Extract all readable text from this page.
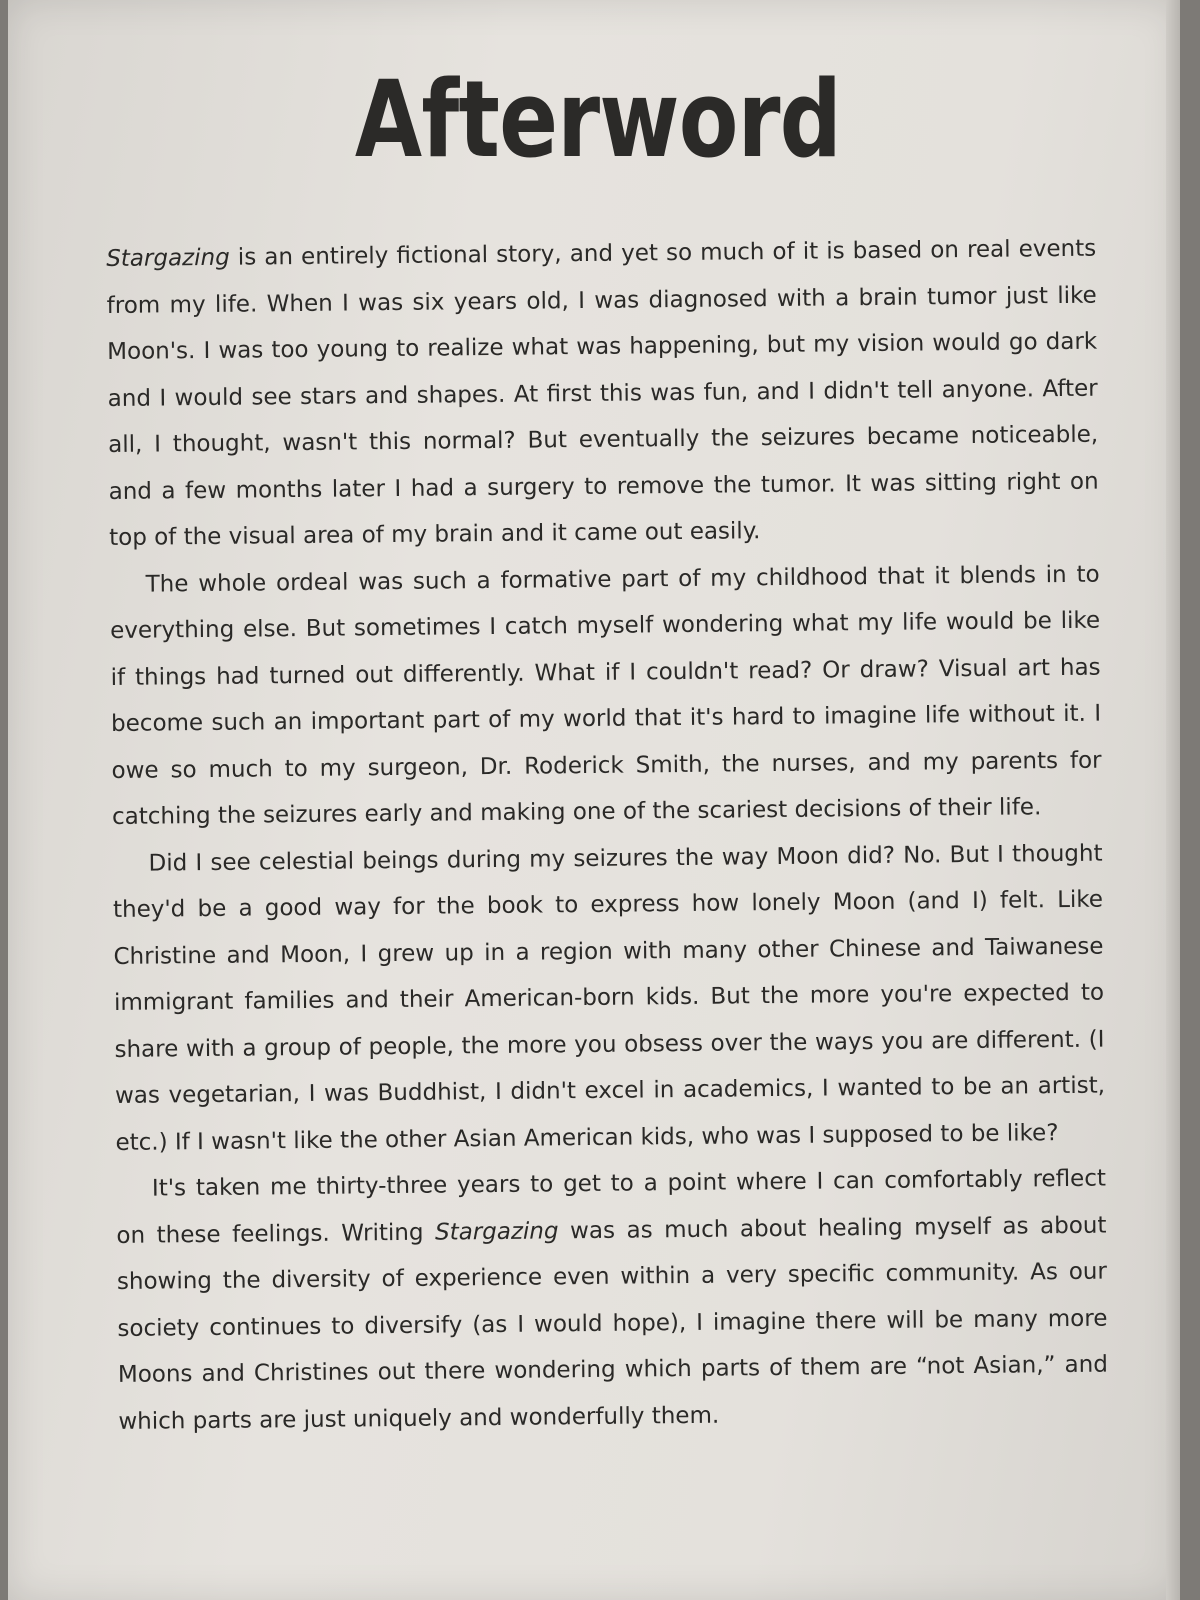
Afterword

Stargazing is an entirely fictional story, and yet so much of it is based on real events from my life. When I was six years old, I was diagnosed with a brain tumor just like Moon's. I was too young to realize what was happening, but my vision would go dark and I would see stars and shapes. At first this was fun, and I didn't tell anyone. After all, I thought, wasn't this normal? But eventually the seizures became noticeable, and a few months later I had a surgery to remove the tumor. It was sitting right on top of the visual area of my brain and it came out easily.

The whole ordeal was such a formative part of my childhood that it blends in to everything else. But sometimes I catch myself wondering what my life would be like if things had turned out differently. What if I couldn't read? Or draw? Visual art has become such an important part of my world that it's hard to imagine life without it. I owe so much to my surgeon, Dr. Roderick Smith, the nurses, and my parents for catching the seizures early and making one of the scariest decisions of their life.

Did I see celestial beings during my seizures the way Moon did? No. But I thought they'd be a good way for the book to express how lonely Moon (and I) felt. Like Christine and Moon, I grew up in a region with many other Chinese and Taiwanese immigrant families and their American-born kids. But the more you're expected to share with a group of people, the more you obsess over the ways you are different. (I was vegetarian, I was Buddhist, I didn't excel in academics, I wanted to be an artist, etc.) If I wasn't like the other Asian American kids, who was I supposed to be like?

It's taken me thirty-three years to get to a point where I can comfortably reflect on these feelings. Writing Stargazing was as much about healing myself as about showing the diversity of experience even within a very specific community. As our society continues to diversify (as I would hope), I imagine there will be many more Moons and Christines out there wondering which parts of them are “not Asian,” and which parts are just uniquely and wonderfully them.
